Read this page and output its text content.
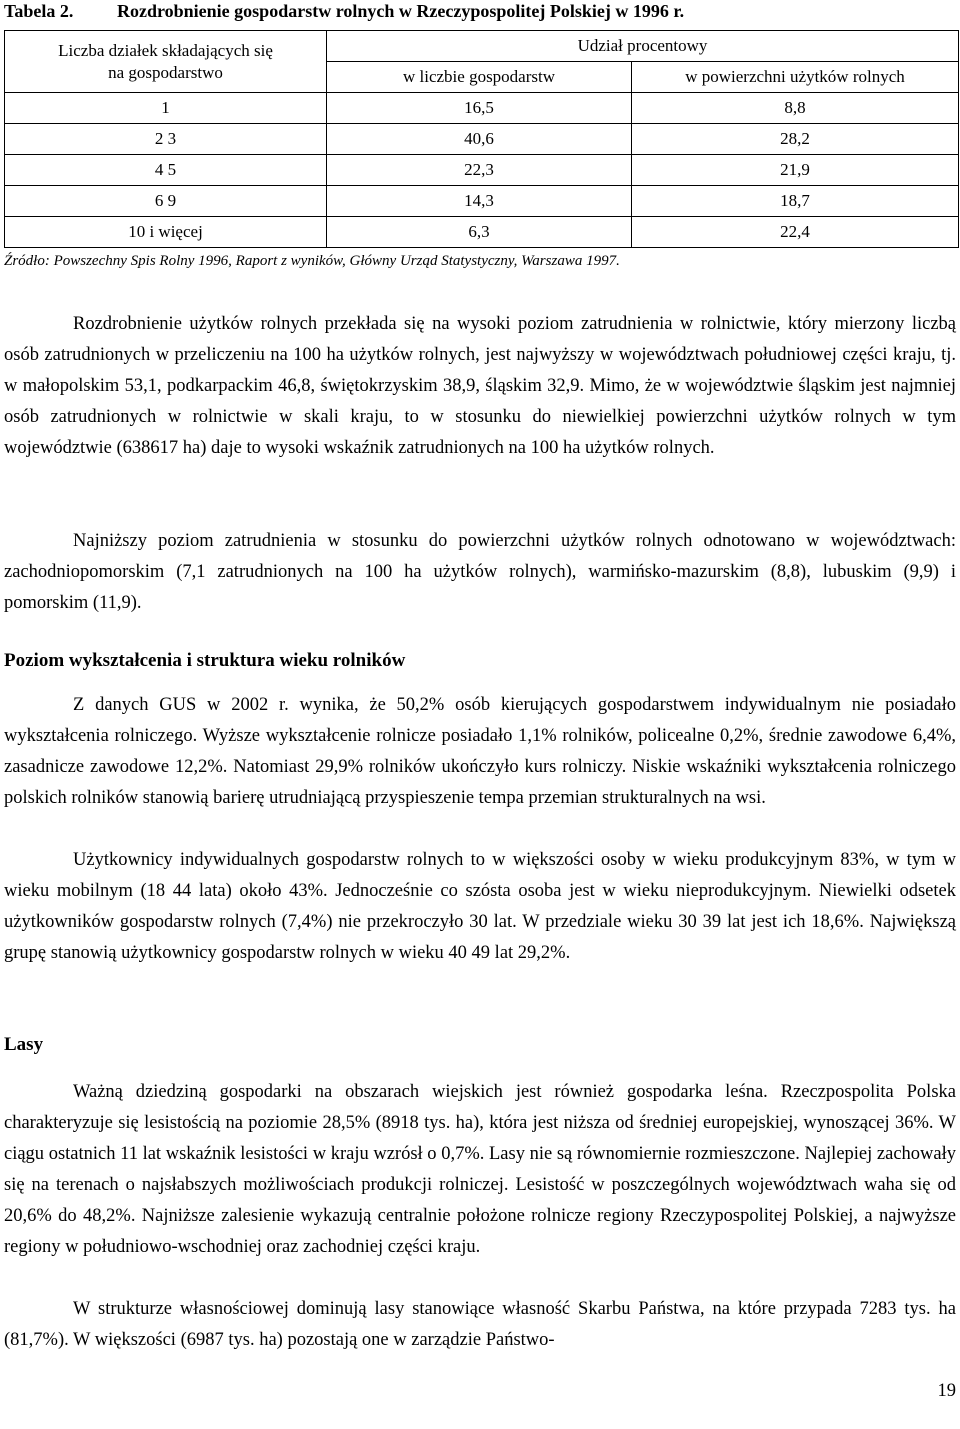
Tabela 2. Rozdrobnienie gospodarstw rolnych w Rzeczypospolitej Polskiej w 1996 r.
Liczba działek składających się
na gospodarstwo	Udział procentowy	
	w liczbie gospodarstw	w powierzchni użytków rolnych
1	16,5	8,8
2 3	40,6	28,2
4 5	22,3	21,9
6 9	14,3	18,7
10 i więcej	6,3	22,4
Źródło: Powszechny Spis Rolny 1996, Raport z wyników, Główny Urząd Statystyczny, Warszawa 1997.

Rozdrobnienie użytków rolnych przekłada się na wysoki poziom zatrudnienia w rolnictwie, który mierzony liczbą osób zatrudnionych w przeliczeniu na 100 ha użytków rolnych, jest najwyższy w województwach południowej części kraju, tj. w małopolskim 53,1, podkarpackim 46,8, świętokrzyskim 38,9, śląskim 32,9. Mimo, że w województwie śląskim jest najmniej osób zatrudnionych w rolnictwie w skali kraju, to w stosunku do niewielkiej powierzchni użytków rolnych w tym województwie (638617 ha) daje to wysoki wskaźnik zatrudnionych na 100 ha użytków rolnych.

Najniższy poziom zatrudnienia w stosunku do powierzchni użytków rolnych odnotowano w województwach: zachodniopomorskim (7,1 zatrudnionych na 100 ha użytków rolnych), warmińsko-mazurskim (8,8), lubuskim (9,9) i pomorskim (11,9).

Poziom wykształcenia i struktura wieku rolników

Z danych GUS w 2002 r. wynika, że 50,2% osób kierujących gospodarstwem indywidualnym nie posiadało wykształcenia rolniczego. Wyższe wykształcenie rolnicze posiadało 1,1% rolników, policealne 0,2%, średnie zawodowe 6,4%, zasadnicze zawodowe 12,2%. Natomiast 29,9% rolników ukończyło kurs rolniczy. Niskie wskaźniki wykształcenia rolniczego polskich rolników stanowią barierę utrudniającą przyspieszenie tempa przemian strukturalnych na wsi.

Użytkownicy indywidualnych gospodarstw rolnych to w większości osoby w wieku produkcyjnym 83%, w tym w wieku mobilnym (18 44 lata) około 43%. Jednocześnie co szósta osoba jest w wieku nieprodukcyjnym. Niewielki odsetek użytkowników gospodarstw rolnych (7,4%) nie przekroczyło 30 lat. W przedziale wieku 30 39 lat jest ich 18,6%. Największą grupę stanowią użytkownicy gospodarstw rolnych w wieku 40 49 lat 29,2%.

Lasy

Ważną dziedziną gospodarki na obszarach wiejskich jest również gospodarka leśna. Rzeczpospolita Polska charakteryzuje się lesistością na poziomie 28,5% (8918 tys. ha), która jest niższa od średniej europejskiej, wynoszącej 36%. W ciągu ostatnich 11 lat wskaźnik lesistości w kraju wzrósł o 0,7%. Lasy nie są równomiernie rozmieszczone. Najlepiej zachowały się na terenach o najsłabszych możliwościach produkcji rolniczej. Lesistość w poszczególnych województwach waha się od 20,6% do 48,2%. Najniższe zalesienie wykazują centralnie położone rolnicze regiony Rzeczypospolitej Polskiej, a najwyższe regiony w południowo-wschodniej oraz zachodniej części kraju.

W strukturze własnościowej dominują lasy stanowiące własność Skarbu Państwa, na które przypada 7283 tys. ha (81,7%). W większości (6987 tys. ha) pozostają one w zarządzie Państwo-

19
